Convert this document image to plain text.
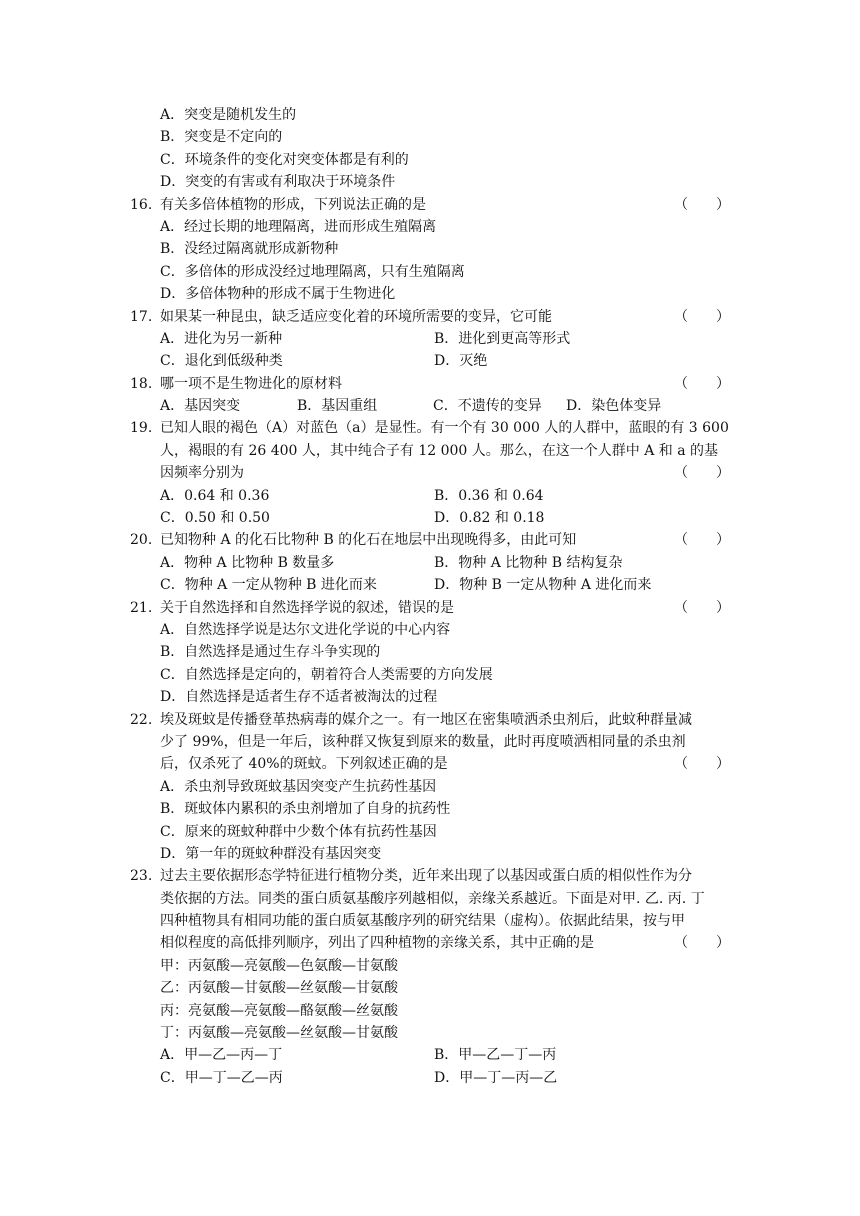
A．突变是随机发生的
B．突变是不定向的
C．环境条件的变化对突变体都是有利的
D．突变的有害或有利取决于环境条件
16. 有关多倍体植物的形成，下列说法正确的是	（　　）
A．经过长期的地理隔离，进而形成生殖隔离
B．没经过隔离就形成新物种
C．多倍体的形成没经过地理隔离，只有生殖隔离
D．多倍体物种的形成不属于生物进化
17. 如果某一种昆虫，缺乏适应变化着的环境所需要的变异，它可能	（　　）
A．进化为另一新种	B．进化到更高等形式
C．退化到低级种类	D．灭绝
18. 哪一项不是生物进化的原材料	（　　）
A．基因突变	B．基因重组	C．不遗传的变异	D．染色体变异
19. 已知人眼的褐色（A）对蓝色（a）是显性。有一个有 30 000 人的人群中，蓝眼的有 3 600
人，褐眼的有 26 400 人，其中纯合子有 12 000 人。那么，在这一个人群中 A 和 a 的基
因频率分别为	（　　）
A．0.64 和 0.36	B．0.36 和 0.64
C．0.50 和 0.50	D．0.82 和 0.18
20. 已知物种 A 的化石比物种 B 的化石在地层中出现晚得多，由此可知	（　　）
A．物种 A 比物种 B 数量多	B．物种 A 比物种 B 结构复杂
C．物种 A 一定从物种 B 进化而来	D．物种 B 一定从物种 A 进化而来
21. 关于自然选择和自然选择学说的叙述，错误的是	（　　）
A．自然选择学说是达尔文进化学说的中心内容
B．自然选择是通过生存斗争实现的
C．自然选择是定向的，朝着符合人类需要的方向发展
D．自然选择是适者生存不适者被淘汰的过程
22. 埃及斑蚊是传播登革热病毒的媒介之一。有一地区在密集喷洒杀虫剂后，此蚊种群量减
少了 99%，但是一年后，该种群又恢复到原来的数量，此时再度喷洒相同量的杀虫剂
后，仅杀死了 40%的斑蚊。下列叙述正确的是	（　　）
A．杀虫剂导致斑蚊基因突变产生抗药性基因
B．斑蚊体内累积的杀虫剂增加了自身的抗药性
C．原来的斑蚊种群中少数个体有抗药性基因
D．第一年的斑蚊种群没有基因突变
23. 过去主要依据形态学特征进行植物分类，近年来出现了以基因或蛋白质的相似性作为分
类依据的方法。同类的蛋白质氨基酸序列越相似，亲缘关系越近。下面是对甲. 乙. 丙. 丁
四种植物具有相同功能的蛋白质氨基酸序列的研究结果（虚构）。依据此结果，按与甲
相似程度的高低排列顺序，列出了四种植物的亲缘关系，其中正确的是	（　　）
甲：丙氨酸—亮氨酸—色氨酸—甘氨酸
乙：丙氨酸—甘氨酸—丝氨酸—甘氨酸
丙：亮氨酸—亮氨酸—酪氨酸—丝氨酸
丁：丙氨酸—亮氨酸—丝氨酸—甘氨酸
A．甲—乙—丙—丁	B．甲—乙—丁—丙
C．甲—丁—乙—丙	D．甲—丁—丙—乙
